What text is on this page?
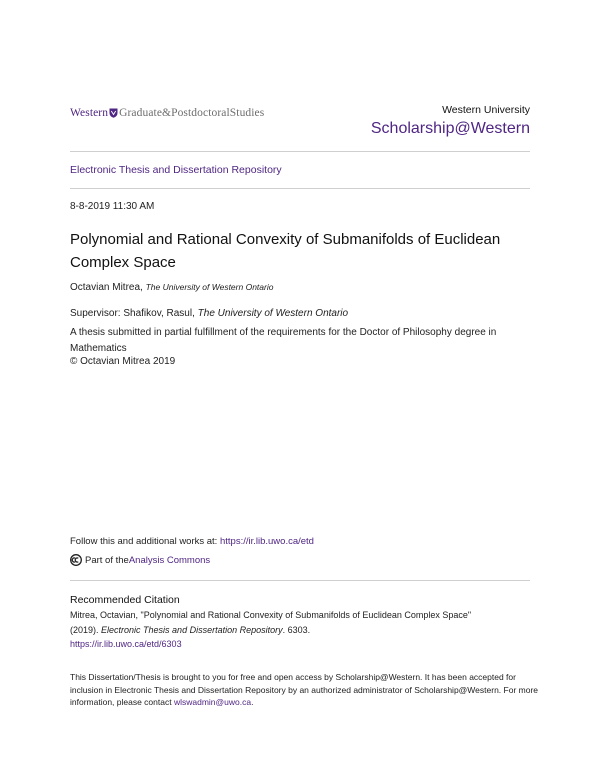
Western Graduate&PostdoctoralStudies	Western University
Scholarship@Western
Electronic Thesis and Dissertation Repository
8-8-2019 11:30 AM
Polynomial and Rational Convexity of Submanifolds of Euclidean Complex Space
Octavian Mitrea, The University of Western Ontario
Supervisor: Shafikov, Rasul, The University of Western Ontario
A thesis submitted in partial fulfillment of the requirements for the Doctor of Philosophy degree in Mathematics
© Octavian Mitrea 2019
Follow this and additional works at: https://ir.lib.uwo.ca/etd
Part of the Analysis Commons
Recommended Citation
Mitrea, Octavian, "Polynomial and Rational Convexity of Submanifolds of Euclidean Complex Space"
(2019). Electronic Thesis and Dissertation Repository. 6303.
https://ir.lib.uwo.ca/etd/6303
This Dissertation/Thesis is brought to you for free and open access by Scholarship@Western. It has been accepted for inclusion in Electronic Thesis and Dissertation Repository by an authorized administrator of Scholarship@Western. For more information, please contact wlswadmin@uwo.ca.
